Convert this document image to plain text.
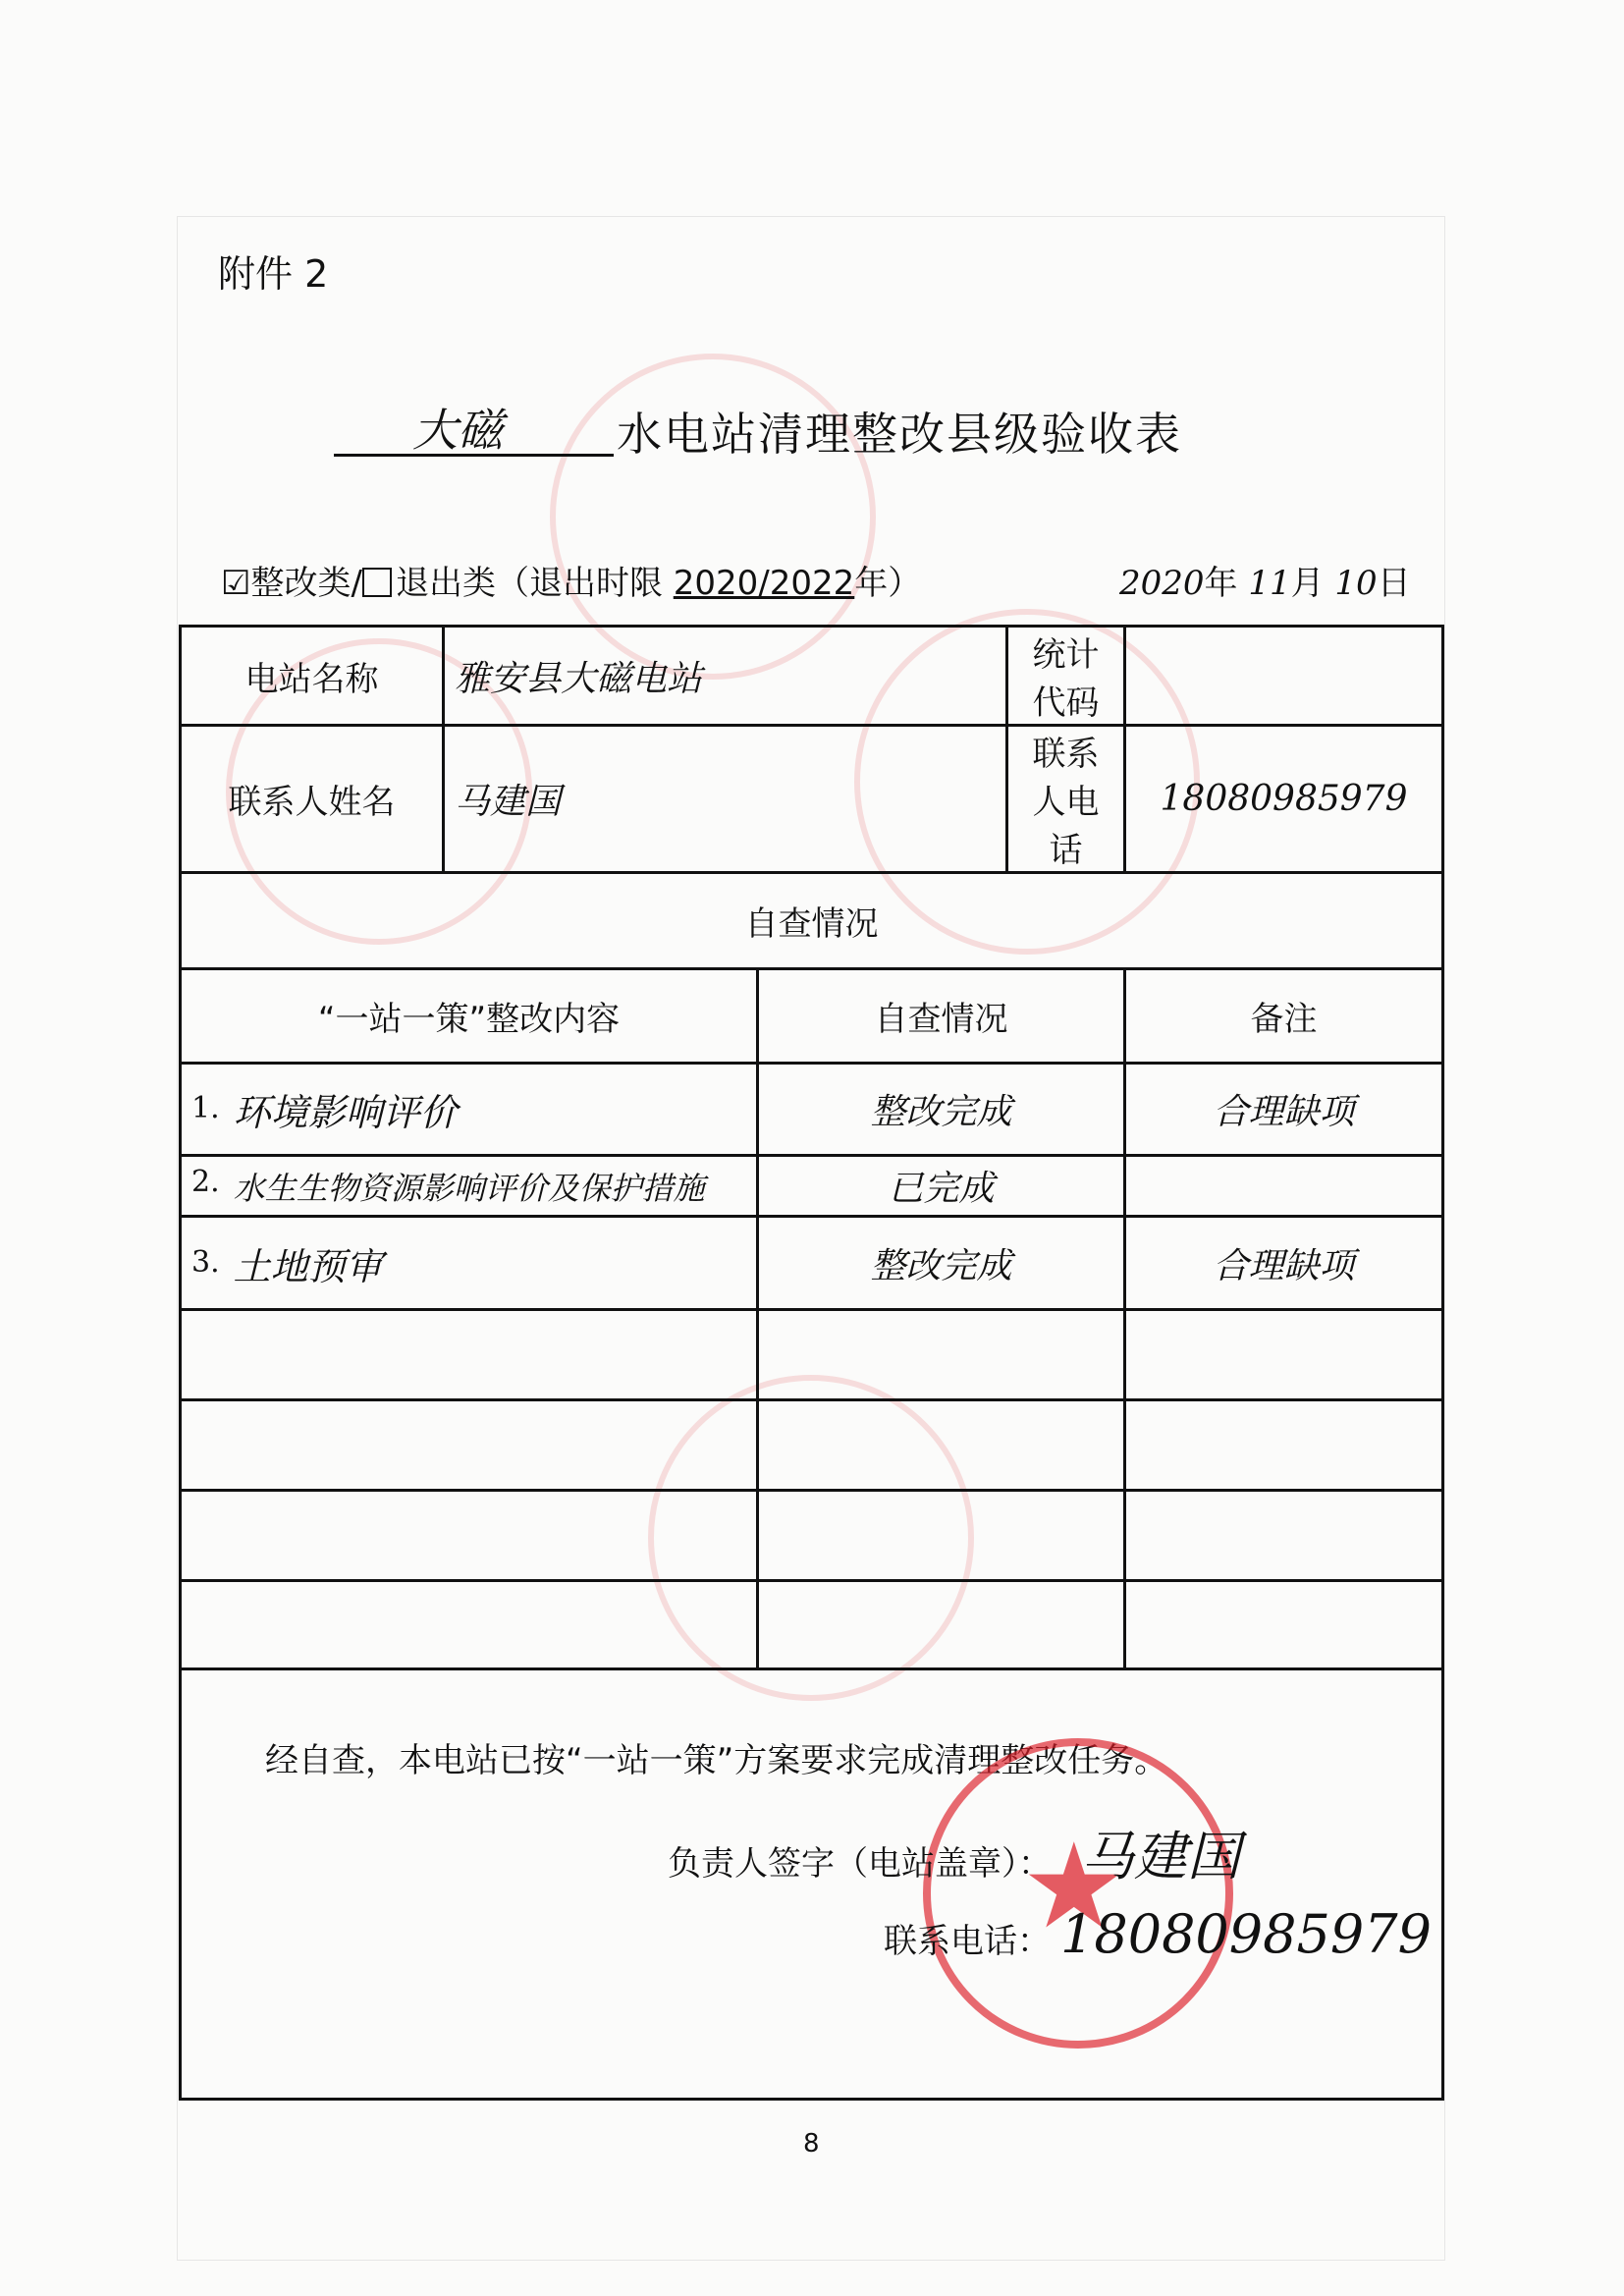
附件 2
大磁	水电站清理整改县级验收表
☑整改类/ 退出类（退出时限 2020/2022年）	2020年 11月 10日
电站名称	雅安县大磁电站		统计代码	
联系人姓名	马建国		联系人电话	18080985979
自查情况				
“一站一策”整改内容		自查情况		备注
1. 环境影响评价		整改完成		合理缺项
2. 水生生物资源影响评价及保护措施		已完成		
3. 土地预审		整改完成		合理缺项

经自查，本电站已按“一站一策”方案要求完成清理整改任务。
★
负责人签字（电站盖章）： 马建国
联系电话： 18080985979
8
